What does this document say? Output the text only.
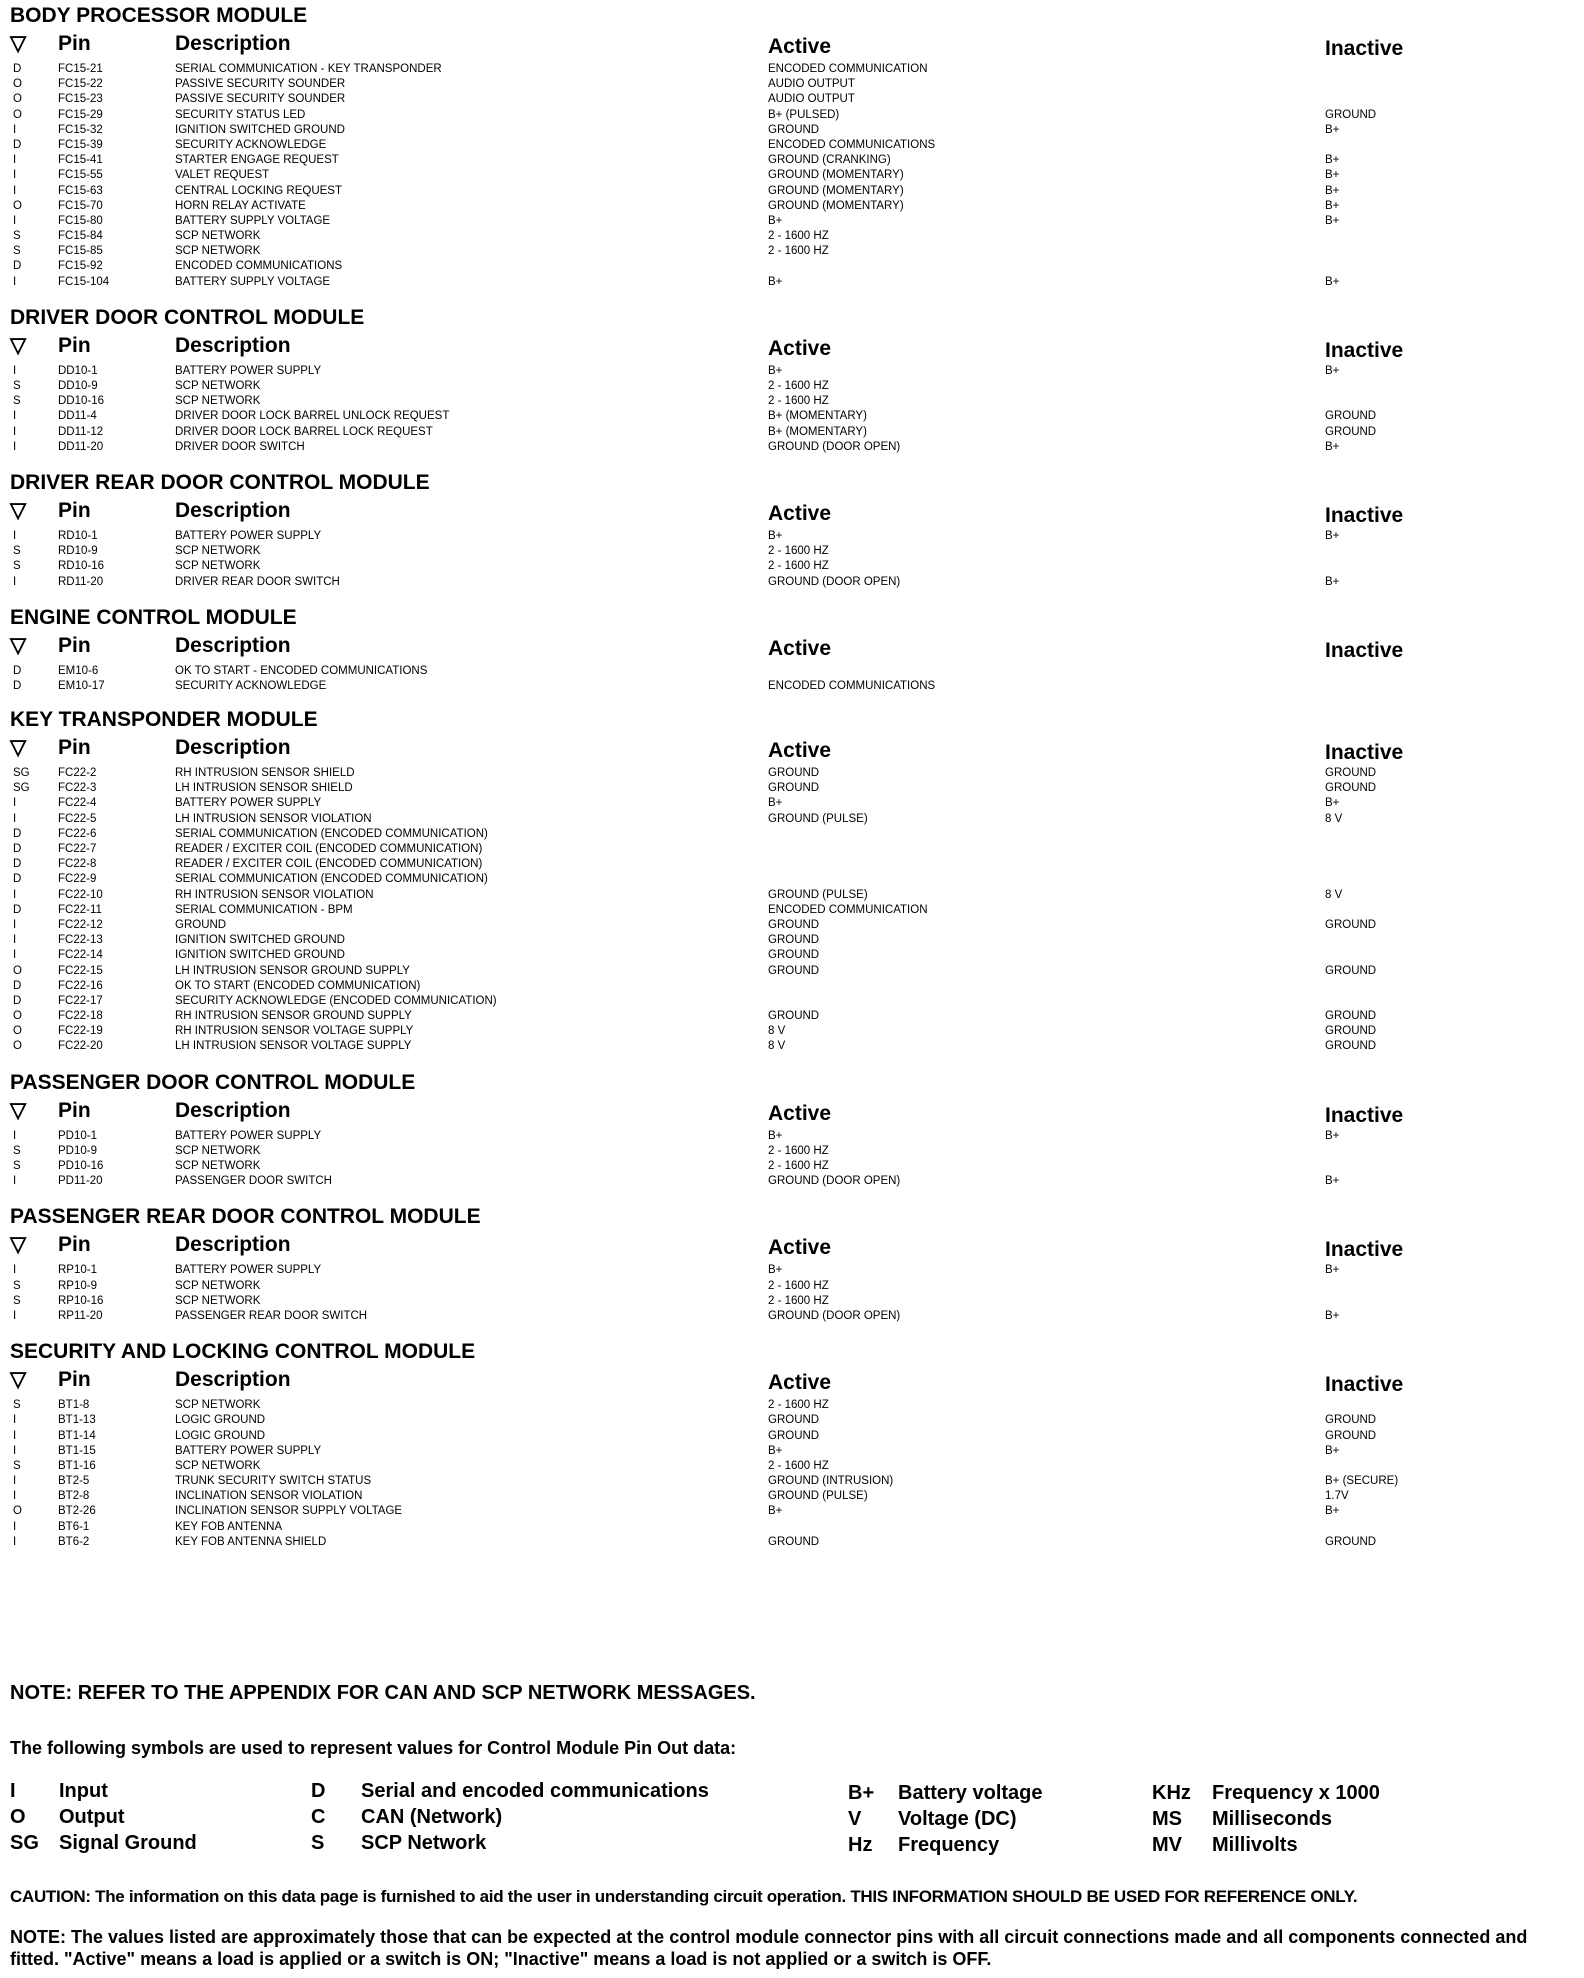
BODY PROCESSOR MODULE
▽ Pin	Description	Active	Inactive
D	FC15-21	SERIAL COMMUNICATION - KEY TRANSPONDER	ENCODED COMMUNICATION
O	FC15-22	PASSIVE SECURITY SOUNDER	AUDIO OUTPUT
O	FC15-23	PASSIVE SECURITY SOUNDER	AUDIO OUTPUT
O	FC15-29	SECURITY STATUS LED	B+ (PULSED)	GROUND
I	FC15-32	IGNITION SWITCHED GROUND	GROUND	B+
D	FC15-39	SECURITY ACKNOWLEDGE	ENCODED COMMUNICATIONS
I	FC15-41	STARTER ENGAGE REQUEST	GROUND (CRANKING)	B+
I	FC15-55	VALET REQUEST	GROUND (MOMENTARY)	B+
I	FC15-63	CENTRAL LOCKING REQUEST	GROUND (MOMENTARY)	B+
O	FC15-70	HORN RELAY ACTIVATE	GROUND (MOMENTARY)	B+
I	FC15-80	BATTERY SUPPLY VOLTAGE	B+	B+
S	FC15-84	SCP NETWORK	2 - 1600 HZ
S	FC15-85	SCP NETWORK	2 - 1600 HZ
D	FC15-92	ENCODED COMMUNICATIONS
I	FC15-104	BATTERY SUPPLY VOLTAGE	B+	B+
DRIVER DOOR CONTROL MODULE
▽ Pin	Description	Active	Inactive
I	DD10-1	BATTERY POWER SUPPLY	B+	B+
S	DD10-9	SCP NETWORK	2 - 1600 HZ
S	DD10-16	SCP NETWORK	2 - 1600 HZ
I	DD11-4	DRIVER DOOR LOCK BARREL UNLOCK REQUEST	B+ (MOMENTARY)	GROUND
I	DD11-12	DRIVER DOOR LOCK BARREL LOCK REQUEST	B+ (MOMENTARY)	GROUND
I	DD11-20	DRIVER DOOR SWITCH	GROUND (DOOR OPEN)	B+
DRIVER REAR DOOR CONTROL MODULE
▽ Pin	Description	Active	Inactive
I	RD10-1	BATTERY POWER SUPPLY	B+	B+
S	RD10-9	SCP NETWORK	2 - 1600 HZ
S	RD10-16	SCP NETWORK	2 - 1600 HZ
I	RD11-20	DRIVER REAR DOOR SWITCH	GROUND (DOOR OPEN)	B+
ENGINE CONTROL MODULE
▽ Pin	Description	Active	Inactive
D	EM10-6	OK TO START - ENCODED COMMUNICATIONS
D	EM10-17	SECURITY ACKNOWLEDGE	ENCODED COMMUNICATIONS
KEY TRANSPONDER MODULE
▽ Pin	Description	Active	Inactive
SG FC22-2	RH INTRUSION SENSOR SHIELD	GROUND	GROUND
SG FC22-3	LH INTRUSION SENSOR SHIELD	GROUND	GROUND
I	FC22-4	BATTERY POWER SUPPLY	B+	B+
I	FC22-5	LH INTRUSION SENSOR VIOLATION	GROUND (PULSE)	8 V
D	FC22-6	SERIAL COMMUNICATION (ENCODED COMMUNICATION)
D	FC22-7	READER / EXCITER COIL (ENCODED COMMUNICATION)
D	FC22-8	READER / EXCITER COIL (ENCODED COMMUNICATION)
D	FC22-9	SERIAL COMMUNICATION (ENCODED COMMUNICATION)
I	FC22-10	RH INTRUSION SENSOR VIOLATION	GROUND (PULSE)	8 V
D	FC22-11	SERIAL COMMUNICATION - BPM	ENCODED COMMUNICATION
I	FC22-12	GROUND	GROUND	GROUND
I	FC22-13	IGNITION SWITCHED GROUND	GROUND
I	FC22-14	IGNITION SWITCHED GROUND	GROUND
O	FC22-15	LH INTRUSION SENSOR GROUND SUPPLY	GROUND	GROUND
D	FC22-16	OK TO START (ENCODED COMMUNICATION)
D	FC22-17	SECURITY ACKNOWLEDGE (ENCODED COMMUNICATION)
O	FC22-18	RH INTRUSION SENSOR GROUND SUPPLY	GROUND	GROUND
O	FC22-19	RH INTRUSION SENSOR VOLTAGE SUPPLY	8 V	GROUND
O	FC22-20	LH INTRUSION SENSOR VOLTAGE SUPPLY	8 V	GROUND
PASSENGER DOOR CONTROL MODULE
▽ Pin	Description	Active	Inactive
I	PD10-1	BATTERY POWER SUPPLY	B+	B+
S	PD10-9	SCP NETWORK	2 - 1600 HZ
S	PD10-16	SCP NETWORK	2 - 1600 HZ
I	PD11-20	PASSENGER DOOR SWITCH	GROUND (DOOR OPEN)	B+
PASSENGER REAR DOOR CONTROL MODULE
▽ Pin	Description	Active	Inactive
I	RP10-1	BATTERY POWER SUPPLY	B+	B+
S	RP10-9	SCP NETWORK	2 - 1600 HZ
S	RP10-16	SCP NETWORK	2 - 1600 HZ
I	RP11-20	PASSENGER REAR DOOR SWITCH	GROUND (DOOR OPEN)	B+
SECURITY AND LOCKING CONTROL MODULE
▽ Pin	Description	Active	Inactive
S	BT1-8	SCP NETWORK	2 - 1600 HZ
I	BT1-13	LOGIC GROUND	GROUND	GROUND
I	BT1-14	LOGIC GROUND	GROUND	GROUND
I	BT1-15	BATTERY POWER SUPPLY	B+	B+
S	BT1-16	SCP NETWORK	2 - 1600 HZ
I	BT2-5	TRUNK SECURITY SWITCH STATUS	GROUND (INTRUSION)	B+ (SECURE)
I	BT2-8	INCLINATION SENSOR VIOLATION	GROUND (PULSE)	1.7V
O	BT2-26	INCLINATION SENSOR SUPPLY VOLTAGE	B+	B+
I	BT6-1	KEY FOB ANTENNA
I	BT6-2	KEY FOB ANTENNA SHIELD	GROUND	GROUND
NOTE: REFER TO THE APPENDIX FOR CAN AND SCP NETWORK MESSAGES.
The following symbols are used to represent values for Control Module Pin Out data:
I Input
O Output
SG Signal Ground
D Serial and encoded communications
C CAN (Network)
S SCP Network
B+ Battery voltage
V Voltage (DC)
Hz Frequency
KHz Frequency x 1000
MS Milliseconds
MV Millivolts
CAUTION: The information on this data page is furnished to aid the user in understanding circuit operation. THIS INFORMATION SHOULD BE USED FOR REFERENCE ONLY.
NOTE: The values listed are approximately those that can be expected at the control module connector pins with all circuit connections made and all components connected and fitted. "Active" means a load is applied or a switch is ON; "Inactive" means a load is not applied or a switch is OFF.
